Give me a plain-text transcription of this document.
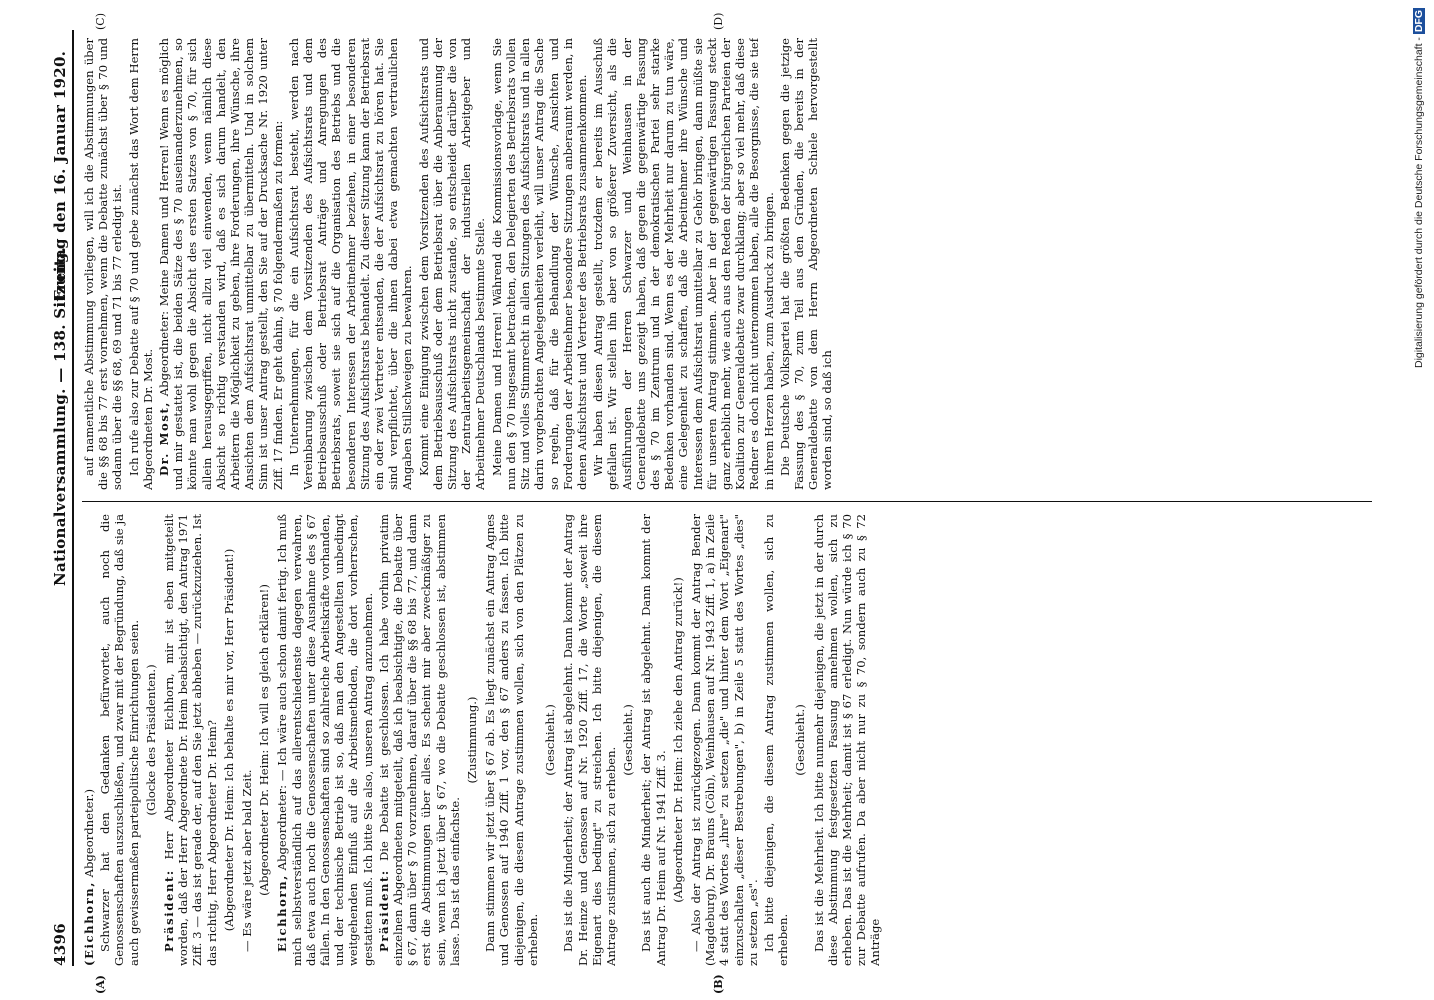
4396
Nationalversammlung. — 138. Sitzung.
Freitag den 16. Januar 1920.
(A)	(B)
(C)	(D)

(Eichhorn, Abgeordneter.) Schwarzer hat den Gedanken befürwortet, auch noch die Genossenschaften auszuschließen, und zwar mit der Begründung, daß sie ja auch gewissermaßen parteipolitische Einrichtungen seien. (Glocke des Präsidenten.)

Präsident: Herr Abgeordneter Eichhorn, mir ist eben mitgeteilt worden, daß der Herr Abgeordnete Dr. Heim beabsichtigt, den Antrag 1971 Ziff. 3 — das ist gerade der, auf den Sie jetzt abheben — zurückzuziehen. Ist das richtig, Herr Abgeordneter Dr. Heim? (Abgeordneter Dr. Heim: Ich behalte es mir vor, Herr Präsident!) — Es wäre jetzt aber bald Zeit. (Abgeordneter Dr. Heim: Ich will es gleich erklären!)

Eichhorn, Abgeordneter: — Ich wäre auch schon damit fertig. Ich muß mich selbstverständlich auf das allerentschiedenste dagegen verwahren, daß etwa auch noch die Genossenschaften unter diese Ausnahme des § 67 fallen. In den Genossenschaften sind so zahlreiche Arbeitskräfte vorhanden, und der technische Betrieb ist so, daß man den Angestellten unbedingt weitgehenden Einfluß auf die Arbeitsmethoden, die dort vorherrschen, gestatten muß. Ich bitte Sie also, unseren Antrag anzunehmen. Präsident: Die Debatte ist geschlossen. Ich habe vorhin privatim einzelnen Abgeordneten mitgeteilt, daß ich beabsichtigte, die Debatte über § 67, dann über § 70 vorzunehmen, darauf über die §§ 68 bis 77, und dann erst die Abstimmungen über alles. Es scheint mir aber zweckmäßiger zu sein, wenn ich jetzt über § 67, wo die Debatte geschlossen ist, abstimmen lasse. Das ist das einfachste.

(Zustimmung.) Dann stimmen wir jetzt über § 67 ab. Es liegt zunächst ein Antrag Agnes und Genossen auf 1940 Ziff. 1 vor, den § 67 anders zu fassen. Ich bitte diejenigen, die diesem Antrage zustimmen wollen, sich von den Plätzen zu erheben.

(Geschieht.) Das ist die Minderheit; der Antrag ist abgelehnt. Dann kommt der Antrag Dr. Heinze und Genossen auf Nr. 1920 Ziff. 17, die Worte „soweit ihre Eigenart dies bedingt" zu streichen. Ich bitte diejenigen, die diesem Antrage zustimmen, sich zu erheben.

(Geschieht.) Das ist auch die Minderheit; der Antrag ist abgelehnt. Dann kommt der Antrag Dr. Heim auf Nr. 1941 Ziff. 3. (Abgeordneter Dr. Heim: Ich ziehe den Antrag zurück!) — Also der Antrag ist zurückgezogen. Dann kommt der Antrag Bender (Magdeburg), Dr. Brauns (Cöln), Weinhausen auf Nr. 1943 Ziff. 1, a) in Zeile 4 statt des Wortes „ihre" zu setzen „die" und hinter dem Wort „Eigenart" einzuschalten „dieser Bestrebungen", b) in Zeile 5 statt des Wortes „dies" zu setzen „es". Ich bitte diejenigen, die diesem Antrag zustimmen wollen, sich zu erheben.

(Geschieht.) Das ist die Mehrheit. Ich bitte nunmehr diejenigen, die jetzt in der durch diese Abstimmung festgesetzten Fassung annehmen wollen, sich zu erheben. Das ist die Mehrheit; damit ist § 67 erledigt. Nun würde ich § 70 zur Debatte aufrufen. Da aber nicht nur zu § 70, sondern auch zu § 72 Anträge

auf namentliche Abstimmung vorliegen, will ich die Abstimmungen über die §§ 68 bis 77 erst vornehmen, wenn die Debatte zunächst über § 70 und sodann über die §§ 68, 69 und 71 bis 77 erledigt ist. Ich rufe also zur Debatte auf § 70 und gebe zunächst das Wort dem Herrn Abgeordneten Dr. Most. Dr. Most, Abgeordneter: Meine Damen und Herren! Wenn es möglich und mir gestattet ist, die beiden Sätze des § 70 auseinanderzunehmen, so könnte man wohl gegen die Absicht des ersten Satzes von § 70, für sich allein herausgegriffen, nicht allzu viel einwenden, wenn nämlich diese Absicht so richtig verstanden wird, daß es sich darum handelt, den Arbeitern die Möglichkeit zu geben, ihre Forderungen, ihre Wünsche, ihre Ansichten dem Aufsichtsrat unmittelbar zu übermitteln. Und in solchem Sinn ist unser Antrag gestellt, den Sie auf der Drucksache Nr. 1920 unter Ziff. 17 finden. Er geht dahin, § 70 folgendermaßen zu formen: In Unternehmungen, für die ein Aufsichtsrat besteht, werden nach Vereinbarung zwischen dem Vorsitzenden des Aufsichtsrats und dem Betriebsausschuß oder Betriebsrat Anträge und Anregungen des Betriebsrats, soweit sie sich auf die Organisation des Betriebs und die besonderen Interessen der Arbeitnehmer beziehen, in einer besonderen Sitzung des Aufsichtsrats behandelt. Zu dieser Sitzung kann der Betriebsrat ein oder zwei Vertreter entsenden, die der Aufsichtsrat zu hören hat. Sie sind verpflichtet, über die ihnen dabei etwa gemachten vertraulichen Angaben Stillschweigen zu bewahren. Kommt eine Einigung zwischen dem Vorsitzenden des Aufsichtsrats und dem Betriebsausschuß oder dem Betriebsrat über die Anberaumung der Sitzung des Aufsichtsrats nicht zustande, so entscheidet darüber die von der Zentralarbeitsgemeinschaft der industriellen Arbeitgeber und Arbeitnehmer Deutschlands bestimmte Stelle. Meine Damen und Herren! Während die Kommissionsvorlage, wenn Sie nun den § 70 insgesamt betrachten, den Delegierten des Betriebsrats vollen Sitz und volles Stimmrecht in allen Sitzungen des Aufsichtsrats und in allen darin vorgebrachten Angelegenheiten verleiht, will unser Antrag die Sache so regeln, daß für die Behandlung der Wünsche, Ansichten und Forderungen der Arbeitnehmer besondere Sitzungen anberaumt werden, in denen Aufsichtsrat und Vertreter des Betriebsrats zusammenkommen. Wir haben diesen Antrag gestellt, trotzdem er bereits im Ausschuß gefallen ist. Wir stellen ihn aber von so größerer Zuversicht, als die Ausführungen der Herren Schwarzer und Weinhausen in der Generaldebatte uns gezeigt haben, daß gegen die gegenwärtige Fassung des § 70 im Zentrum und in der demokratischen Partei sehr starke Bedenken vorhanden sind. Wenn es der Mehrheit nur darum zu tun wäre, eine Gelegenheit zu schaffen, daß die Arbeitnehmer ihre Wünsche und Interessen dem Aufsichtsrat unmittelbar zu Gehör bringen, dann müßte sie für unseren Antrag stimmen. Aber in der gegenwärtigen Fassung steckt ganz erheblich mehr, wie auch aus den Reden der bürgerlichen Parteien der Koalition zur Generaldebatte zwar durchklang; aber so viel mehr, daß diese Redner es doch nicht unternommen haben, alle die Besorgnisse, die sie tief in ihrem Herzen haben, zum Ausdruck zu bringen. Die Deutsche Volkspartei hat die größten Bedenken gegen die jetzige Fassung des § 70, zum Teil aus den Gründen, die bereits in der Generaldebatte von dem Herrn Abgeordneten Schiele hervorgestellt worden sind, so daß ich

Digitalisierung gefördert durch die Deutsche Forschungsgemeinschaft - DFG
